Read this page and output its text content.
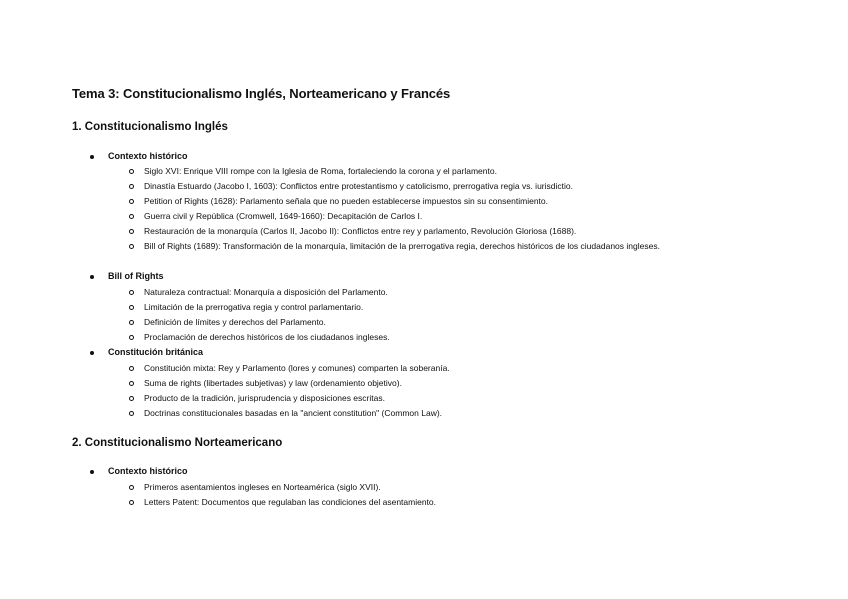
Tema 3: Constitucionalismo Inglés, Norteamericano y Francés
1. Constitucionalismo Inglés
Contexto histórico
Siglo XVI: Enrique VIII rompe con la Iglesia de Roma, fortaleciendo la corona y el parlamento.
Dinastía Estuardo (Jacobo I, 1603): Conflictos entre protestantismo y catolicismo, prerrogativa regia vs. iurisdictio.
Petition of Rights (1628): Parlamento señala que no pueden establecerse impuestos sin su consentimiento.
Guerra civil y República (Cromwell, 1649-1660): Decapitación de Carlos I.
Restauración de la monarquía (Carlos II, Jacobo II): Conflictos entre rey y parlamento, Revolución Gloriosa (1688).
Bill of Rights (1689): Transformación de la monarquía, limitación de la prerrogativa regia, derechos históricos de los ciudadanos ingleses.
Bill of Rights
Naturaleza contractual: Monarquía a disposición del Parlamento.
Limitación de la prerrogativa regia y control parlamentario.
Definición de límites y derechos del Parlamento.
Proclamación de derechos históricos de los ciudadanos ingleses.
Constitución británica
Constitución mixta: Rey y Parlamento (lores y comunes) comparten la soberanía.
Suma de rights (libertades subjetivas) y law (ordenamiento objetivo).
Producto de la tradición, jurisprudencia y disposiciones escritas.
Doctrinas constitucionales basadas en la "ancient constitution" (Common Law).
2. Constitucionalismo Norteamericano
Contexto histórico
Primeros asentamientos ingleses en Norteamérica (siglo XVII).
Letters Patent: Documentos que regulaban las condiciones del asentamiento.
